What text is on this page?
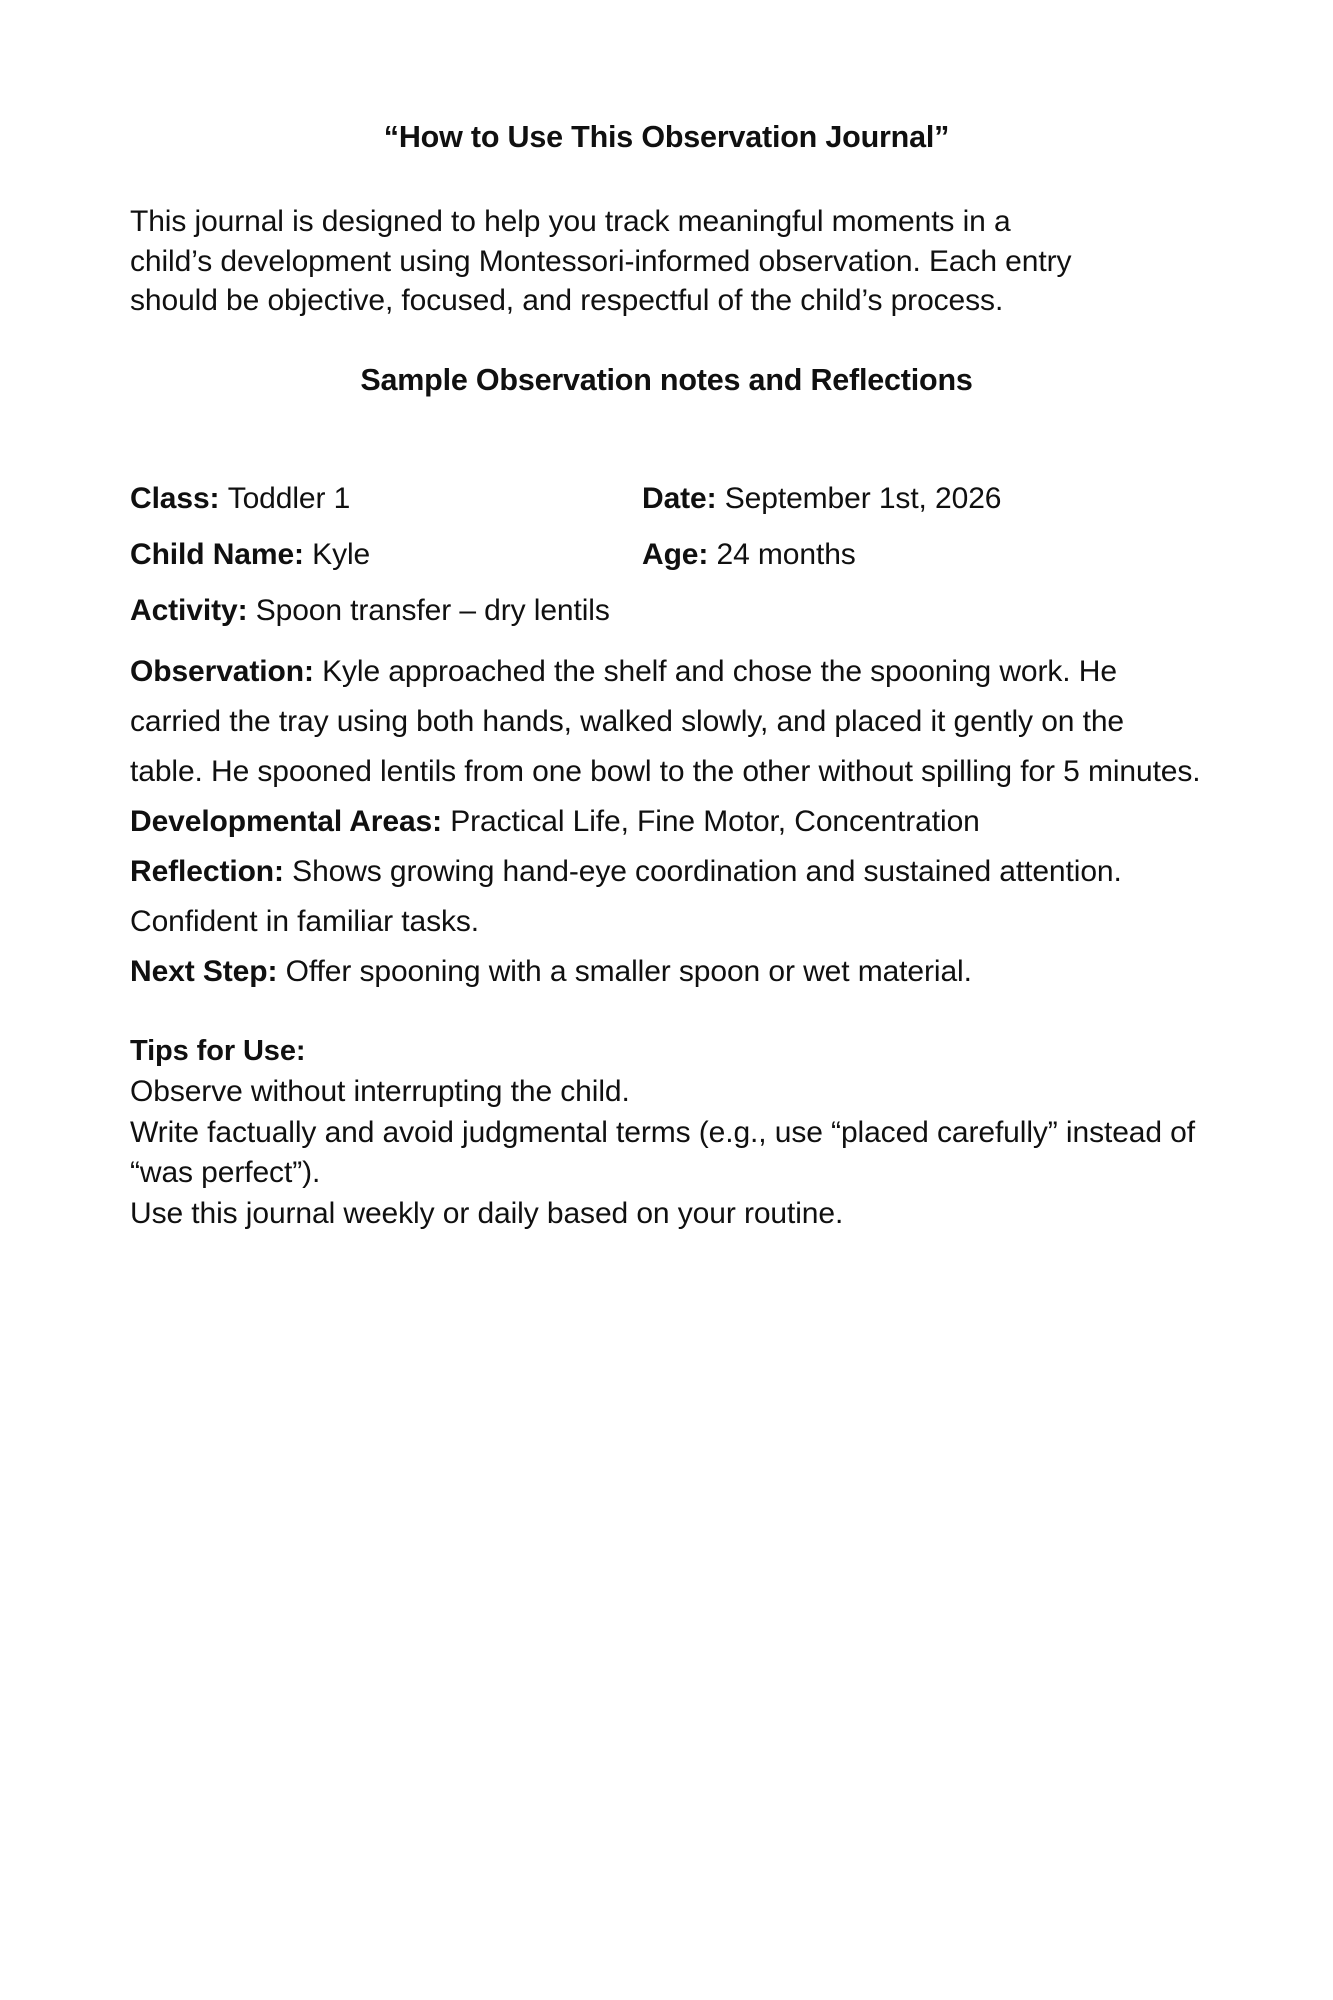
“How to Use This Observation Journal”

This journal is designed to help you track meaningful moments in a child’s development using Montessori-informed observation. Each entry should be objective, focused, and respectful of the child’s process.

Sample Observation notes and Reflections
Class: Toddler 1	Date: September 1st, 2026
Child Name: Kyle	Age: 24 months
Activity: Spoon transfer – dry lentils
Observation: Kyle approached the shelf and chose the spooning work. He carried the tray using both hands, walked slowly, and placed it gently on the table. He spooned lentils from one bowl to the other without spilling for 5 minutes.
Developmental Areas: Practical Life, Fine Motor, Concentration
Reflection: Shows growing hand-eye coordination and sustained attention. Confident in familiar tasks.
Next Step: Offer spooning with a smaller spoon or wet material.
Tips for Use:
Observe without interrupting the child.
Write factually and avoid judgmental terms (e.g., use “placed carefully” instead of “was perfect”).
Use this journal weekly or daily based on your routine.
